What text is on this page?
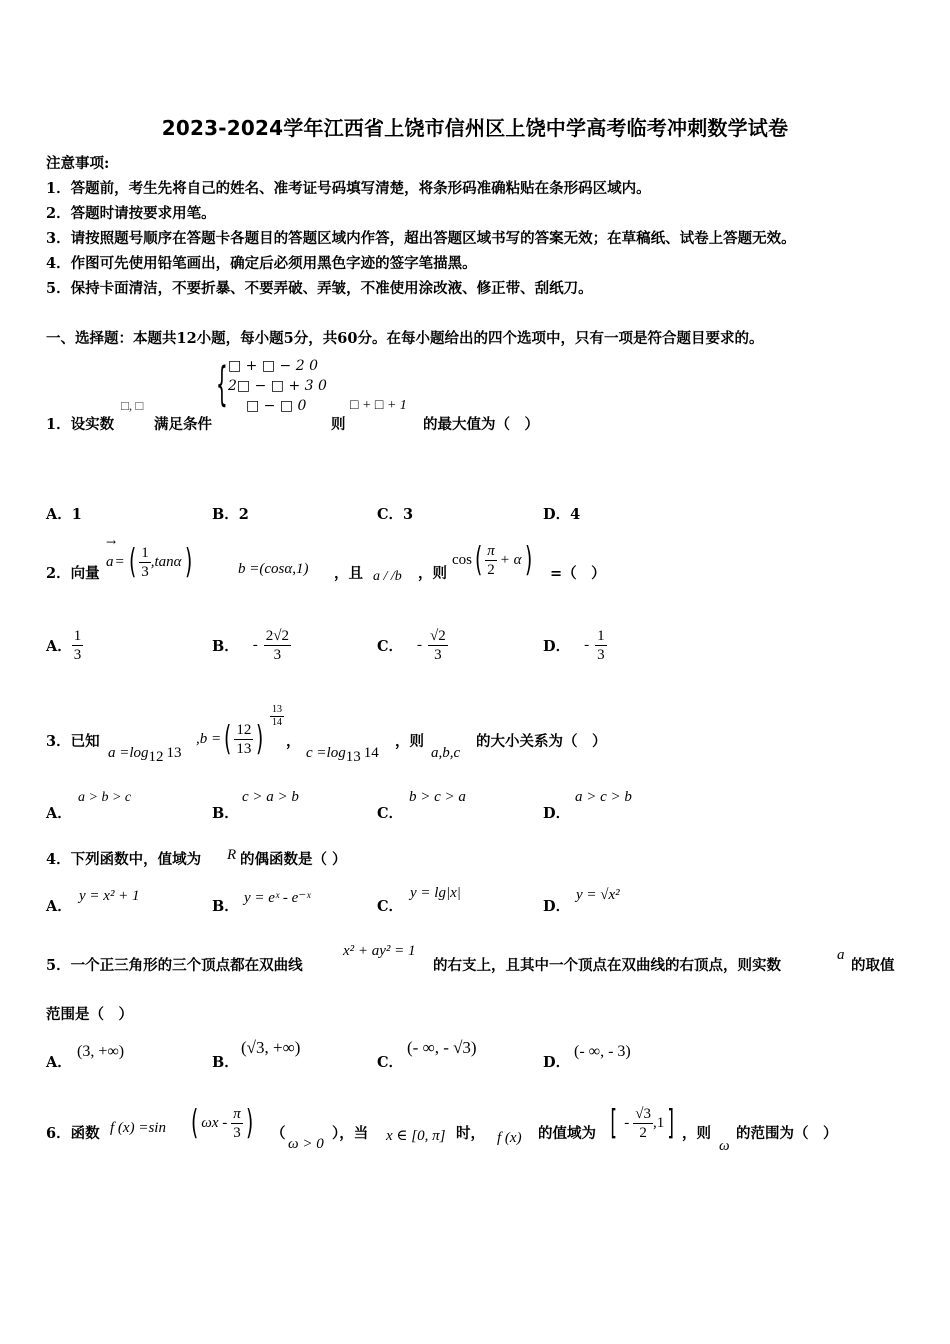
2023-2024学年江西省上饶市信州区上饶中学高考临考冲刺数学试卷
注意事项:
1．答题前，考生先将自己的姓名、准考证号码填写清楚，将条形码准确粘贴在条形码区域内。
2．答题时请按要求用笔。
3．请按照题号顺序在答题卡各题目的答题区域内作答，超出答题区域书写的答案无效；在草稿纸、试卷上答题无效。
4．作图可先使用铅笔画出，确定后必须用黑色字迹的签字笔描黑。
5．保持卡面清洁，不要折暴、不要弄破、弄皱，不准使用涂改液、修正带、刮纸刀。
一、选择题：本题共12小题，每小题5分，共60分。在每小题给出的四个选项中，只有一项是符合题目要求的。
1．设实数
□, □
满足条件
{ □ + □ − 2 0
2□ − □ + 3 0
□ − □ 0
则
□ + □ + 1
的最大值为（　）
A．1	B．2	C．3	D．4
2．向量
→
a = ( $\frac{1}{3} ,\tan\alpha$ )	b =(cosα,1) ，且 a / /b ，则
cos ( $\frac{\pi}{2} + \alpha$ ) =（　）
A． $\frac{1}{3}$	B． - $\frac{2√2}{3}$	C． - $\frac{√2}{3}$	D． - $\frac{1}{3}$
3．已知
$a =\log_{12}$ 13
,b = ( $\frac{12}{13}$ )
$\frac{13}{14}$
，
$c =\log_{13}$ 14
，则
a,b,c
的大小关系为（　）
A．
a > b > c
B．
c > a > b
C．
b > c > a
D．
a > c > b
4．下列函数中，值域为 R 的偶函数是（ ）
A．
y = x² + 1
B． y = eˣ - e⁻ˣ	C．
y = lg|x|
D．
y = √x²
5．一个正三角形的三个顶点都在双曲线
x² + ay² = 1
的右支上，且其中一个顶点在双曲线的右顶点，则实数
a
的取值
范围是（　）
A．
(3, +∞)
B．
(√3, +∞)
C．
(- ∞, - √3)
D．
(- ∞, - 3)
6．函数 f (x) =sin ( ωx - $\frac{\pi}{3}$ ) （
ω > 0
），当 x ∈ [0, π] 时， f (x) 的值域为 [ - $\frac{√3}{2} ,1$ ] ，则
ω
的范围为（　）
